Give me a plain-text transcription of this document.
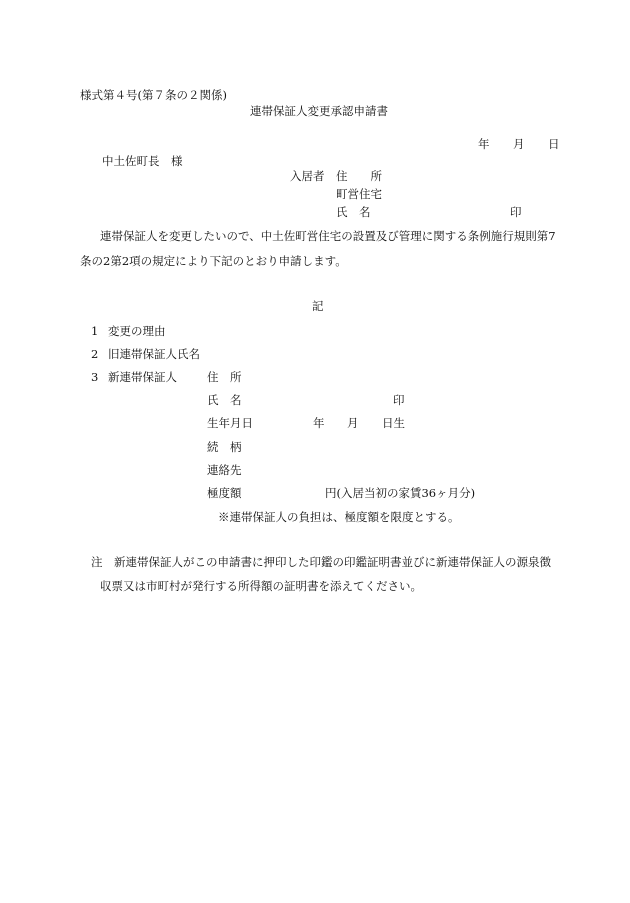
様式第４号(第７条の２関係)
連帯保証人変更承認申請書
年 月 日
中土佐町長　様
入居者 住　　所
町営住宅
氏　名	印
連帯保証人を変更したいので、中土佐町営住宅の設置及び管理に関する条例施行規則第7
条の2第2項の規定により下記のとおり申請します。
記
1 変更の理由
2 旧連帯保証人氏名
3 新連帯保証人	住　所
氏　名	印
生年月日	年 月 日生
続　柄
連絡先
極度額	円(入居当初の家賃36ヶ月分)
※連帯保証人の負担は、極度額を限度とする。
注　新連帯保証人がこの申請書に押印した印鑑の印鑑証明書並びに新連帯保証人の源泉徴
収票又は市町村が発行する所得額の証明書を添えてください。
